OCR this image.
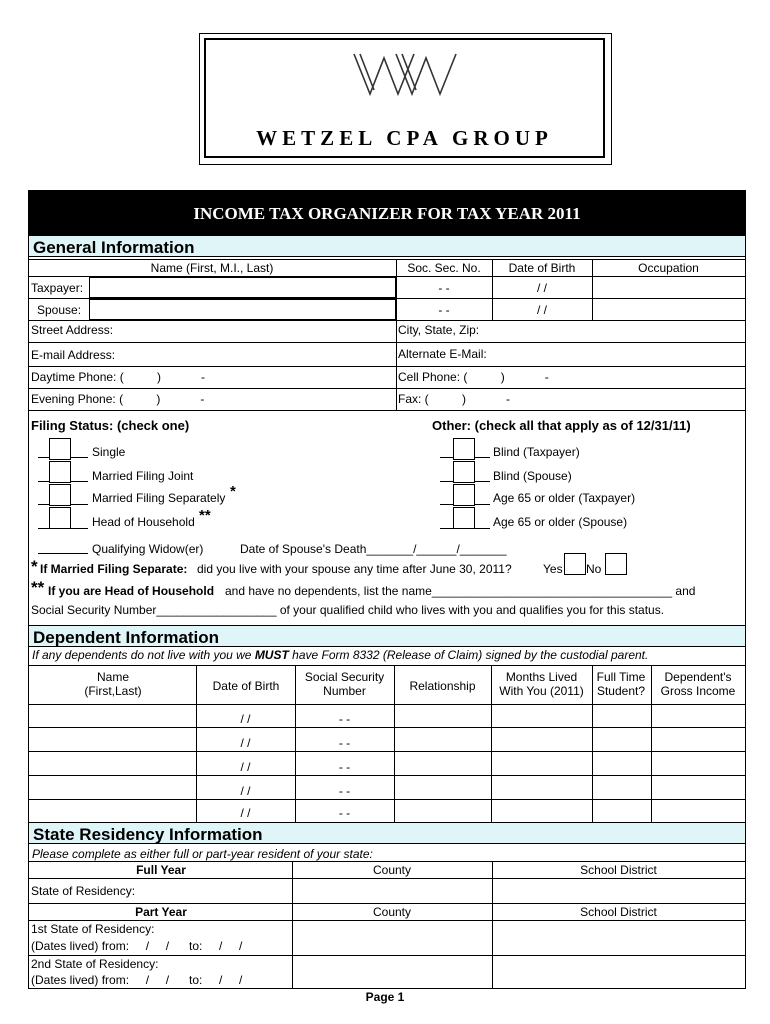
WETZEL CPA GROUP
INCOME TAX ORGANIZER FOR TAX YEAR 2011
General Information
Name (First, M.I., Last)	Soc. Sec. No.	Date of Birth	Occupation
Taxpayer:	- -	/ /
Spouse:	- -	/ /
Street Address:	City, State, Zip:
E-mail Address:	Alternate E-Mail:
Daytime Phone: (          )            -	Cell Phone: (          )            -
Evening Phone: (          )            -	Fax: (          )            -
Filing Status: (check one)	Other: (check all that apply as of 12/31/11)
Single
Married Filing Joint
Married Filing Separately *
Head of Household **
Blind (Taxpayer)
Blind (Spouse)
Age 65 or older (Taxpayer)
Age 65 or older (Spouse)
Qualifying Widow(er)	Date of Spouse's Death_______/______/_______
* If Married Filing Separate: did you live with your spouse any time after June 30, 2011?	Yes No
** If you are Head of Household and have no dependents, list the name____________________________________ and
Social Security Number__________________ of your qualified child who lives with you and qualifies you for this status.
Dependent Information
If any dependents do not live with you we MUST have Form 8332 (Release of Claim) signed by the custodial parent.
Name
(First,Last)	Date of Birth
Social Security
Number	Relationship
Months Lived
With You (2011)
Full Time
Student?
Dependent's
Gross Income
/ /	- -
/ /	- -
/ /	- -
/ /	- -
/ /	- -
State Residency Information
Please complete as either full or part-year resident of your state:
Full Year	County	School District
State of Residency:
Part Year	County	School District
1st State of Residency:
(Dates lived) from:     /     /      to:     /     /
2nd State of Residency:
(Dates lived) from:     /     /      to:     /     /
Page 1
